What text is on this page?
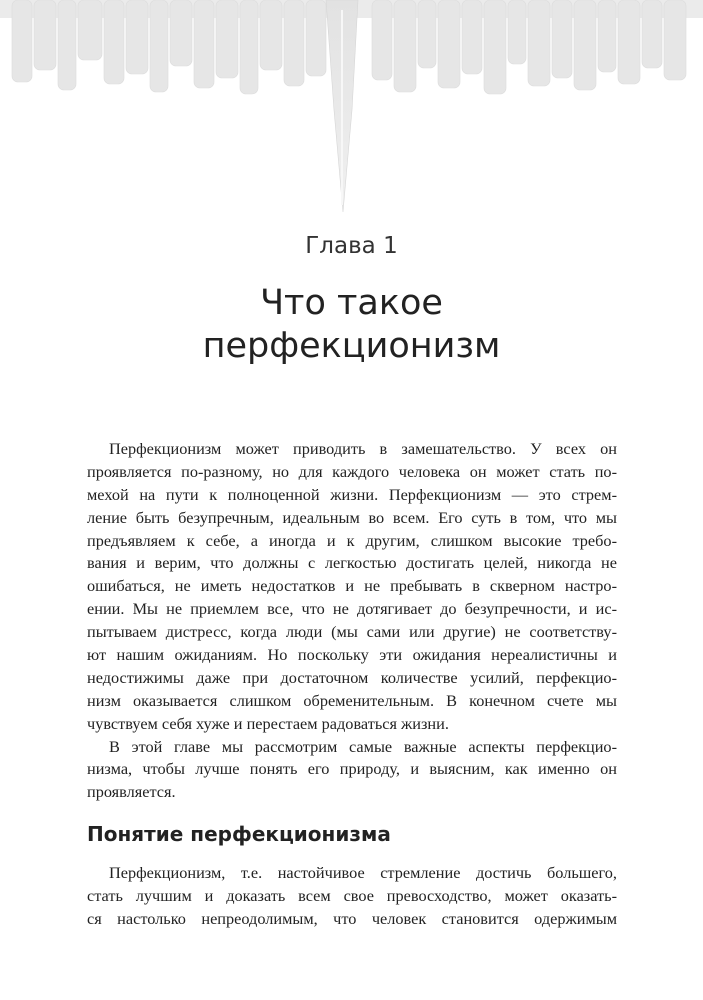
Глава 1
Что такое
перфекционизм
Перфекционизм может приводить в замешательство. У всех он
проявляется по-разному, но для каждого человека он может стать по-
мехой на пути к полноценной жизни. Перфекционизм — это стрем-
ление быть безупречным, идеальным во всем. Его суть в том, что мы
предъявляем к себе, а иногда и к другим, слишком высокие требо-
вания и верим, что должны с легкостью достигать целей, никогда не
ошибаться, не иметь недостатков и не пребывать в скверном настро-
ении. Мы не приемлем все, что не дотягивает до безупречности, и ис-
пытываем дистресс, когда люди (мы сами или другие) не соответству-
ют нашим ожиданиям. Но поскольку эти ожидания нереалистичны и
недостижимы даже при достаточном количестве усилий, перфекцио-
низм оказывается слишком обременительным. В конечном счете мы
чувствуем себя хуже и перестаем радоваться жизни.
В этой главе мы рассмотрим самые важные аспекты перфекцио-
низма, чтобы лучше понять его природу, и выясним, как именно он
проявляется.
Понятие перфекционизма
Перфекционизм, т.е. настойчивое стремление достичь большего,
стать лучшим и доказать всем свое превосходство, может оказать-
ся настолько непреодолимым, что человек становится одержимым
